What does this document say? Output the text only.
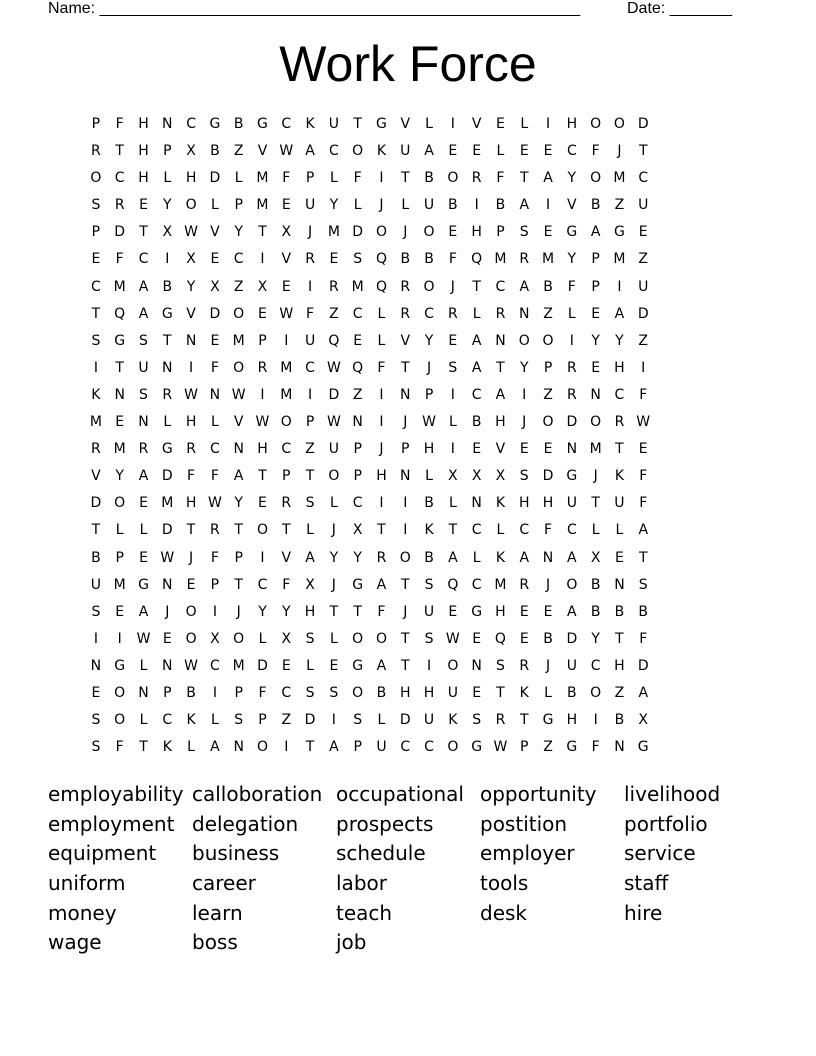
Name: ______________________________________________________	Date: _______
Work Force
P	F	H N C G B G C	K	U	T	G V	L	I	V	E	L	I	H O O D
R	T	H	P	X	B	Z	V W A	C O K	U A	E	E	L	E	E	C	F	J	T
O C H	L	H D	L M F	P	L	F	I	T	B O R	F	T	A	Y	O M C
S	R	E	Y	O	L	P M E	U	Y	L	J	L	U B	I	B	A	I	V	B	Z U
P	D	T	X W V	Y	T	X	J	M D O	J	O E	H	P	S	E G A G E
E	F	C	I	X	E	C	I	V	R	E	S Q B	B	F	Q M R M Y	P M Z
C M A	B	Y	X	Z	X	E	I	R M Q R O	J	T	C	A	B	F	P	I	U
T	Q A G V D O E W F	Z	C	L	R	C	R	L	R N Z	L	E	A D
S G S	T	N	E M P	I	U Q E	L	V	Y	E	A N O O	I	Y	Y	Z
I	T	U N	I	F	O R M C W Q	F	T	J	S	A	T	Y	P	R	E	H	I
K N	S	R W N W	I	M	I	D Z	I	N	P	I	C	A	I	Z	R N C	F
M E	N	L	H	L	V W O	P W N	I	J	W L	B H	J	O D O R W
R M R G R	C N H C	Z U	P	J	P	H	I	E	V	E	E	N M T	E
V	Y	A D	F	F	A	T	P	T	O	P	H N	L	X	X	X	S D G	J	K	F
D O E M H W Y	E	R	S	L	C	I	I	B	L	N K H H U	T	U	F
T	L	L	D	T	R	T	O	T	L	J	X	T	I	K	T	C	L	C	F	C	L	L	A
B	P	E W	J	F	P	I	V	A	Y	Y	R O B	A	L	K	A N A	X	E	T
U M G N	E	P	T	C	F	X	J	G A	T	S Q C M R	J	O B N	S
S	E	A	J	O	I	J	Y	Y	H	T	T	F	J	U	E G H	E	E	A	B	B	B
I	I	W E O X O	L	X	S	L	O O	T	S W E Q E	B D	Y	T	F
N G	L	N W C M D E	L	E G A	T	I	O N	S	R	J	U C H D
E O N	P	B	I	P	F	C	S	S O B H H U	E	T	K	L	B O Z	A
S O	L	C	K	L	S	P	Z D	I	S	L	D U	K	S	R	T	G H	I	B	X
S	F	T	K	L	A N O	I	T	A	P	U C	C O G W P	Z G	F	N G
employability calloboration occupational opportunity	livelihood
employment delegation	prospects	postition	portfolio
equipment	business	schedule	employer	service
uniform	career	labor	tools	staff
money	learn	teach	desk	hire
wage	boss	job
